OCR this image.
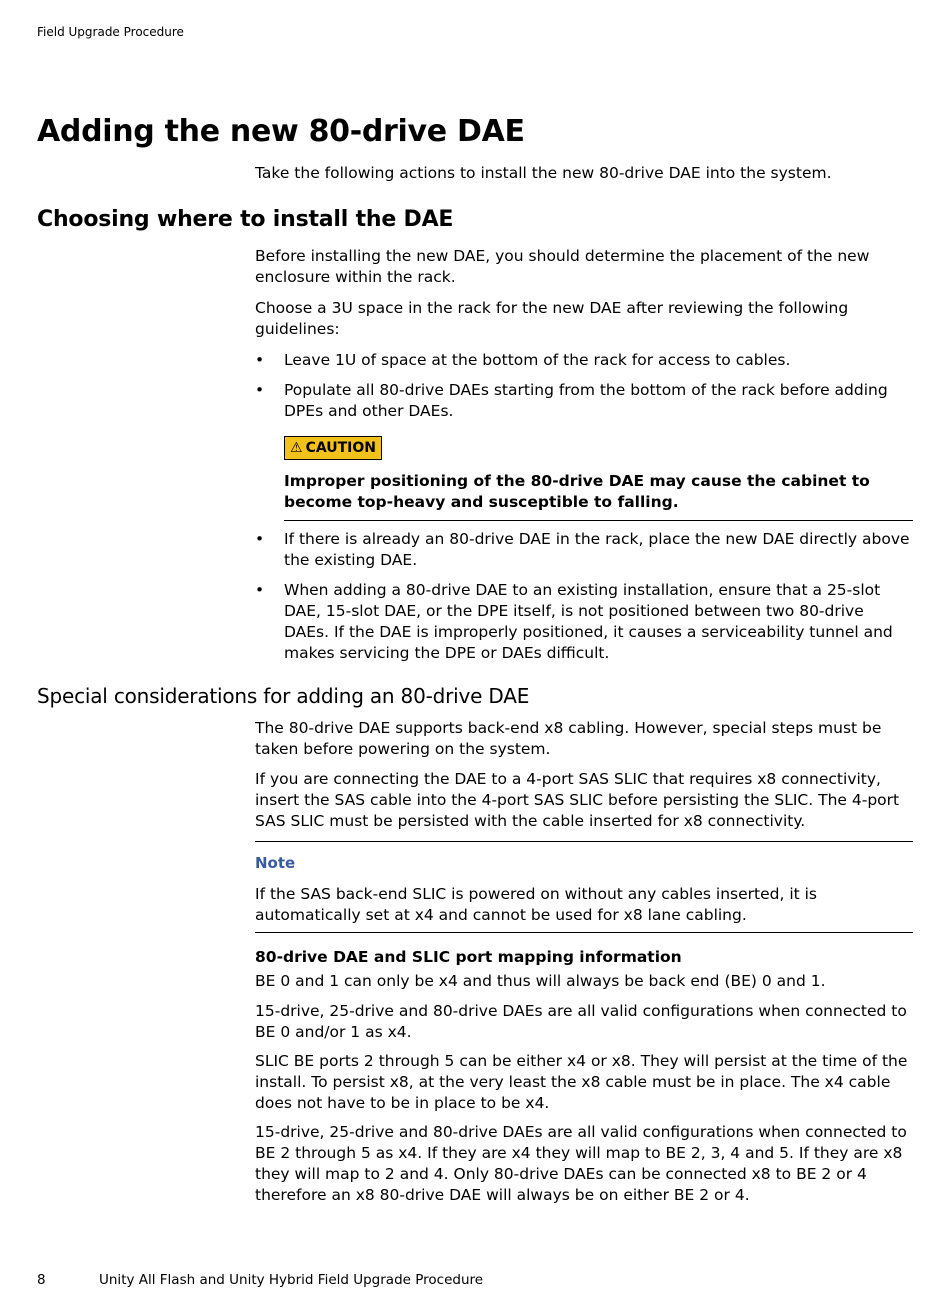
Field Upgrade Procedure
Adding the new 80-drive DAE

Take the following actions to install the new 80-drive DAE into the system.

Choosing where to install the DAE

Before installing the new DAE, you should determine the placement of the new enclosure within the rack.

Choose a 3U space in the rack for the new DAE after reviewing the following guidelines:

•	Leave 1U of space at the bottom of the rack for access to cables.
•	Populate all 80-drive DAEs starting from the bottom of the rack before adding DPEs and other DAEs.
⚠ CAUTION
Improper positioning of the 80-drive DAE may cause the cabinet to become top-heavy and susceptible to falling.
•	If there is already an 80-drive DAE in the rack, place the new DAE directly above the existing DAE.
•	When adding a 80-drive DAE to an existing installation, ensure that a 25-slot DAE, 15-slot DAE, or the DPE itself, is not positioned between two 80-drive DAEs. If the DAE is improperly positioned, it causes a serviceability tunnel and makes servicing the DPE or DAEs difficult.
Special considerations for adding an 80-drive DAE

The 80-drive DAE supports back-end x8 cabling. However, special steps must be taken before powering on the system.

If you are connecting the DAE to a 4-port SAS SLIC that requires x8 connectivity, insert the SAS cable into the 4-port SAS SLIC before persisting the SLIC. The 4-port SAS SLIC must be persisted with the cable inserted for x8 connectivity.

Note

If the SAS back-end SLIC is powered on without any cables inserted, it is automatically set at x4 and cannot be used for x8 lane cabling.

80-drive DAE and SLIC port mapping information

BE 0 and 1 can only be x4 and thus will always be back end (BE) 0 and 1.

15-drive, 25-drive and 80-drive DAEs are all valid configurations when connected to BE 0 and/or 1 as x4.

SLIC BE ports 2 through 5 can be either x4 or x8. They will persist at the time of the install. To persist x8, at the very least the x8 cable must be in place. The x4 cable does not have to be in place to be x4.

15-drive, 25-drive and 80-drive DAEs are all valid configurations when connected to BE 2 through 5 as x4. If they are x4 they will map to BE 2, 3, 4 and 5. If they are x8 they will map to 2 and 4. Only 80-drive DAEs can be connected x8 to BE 2 or 4 therefore an x8 80-drive DAE will always be on either BE 2 or 4.

8	Unity All Flash and Unity Hybrid Field Upgrade Procedure
